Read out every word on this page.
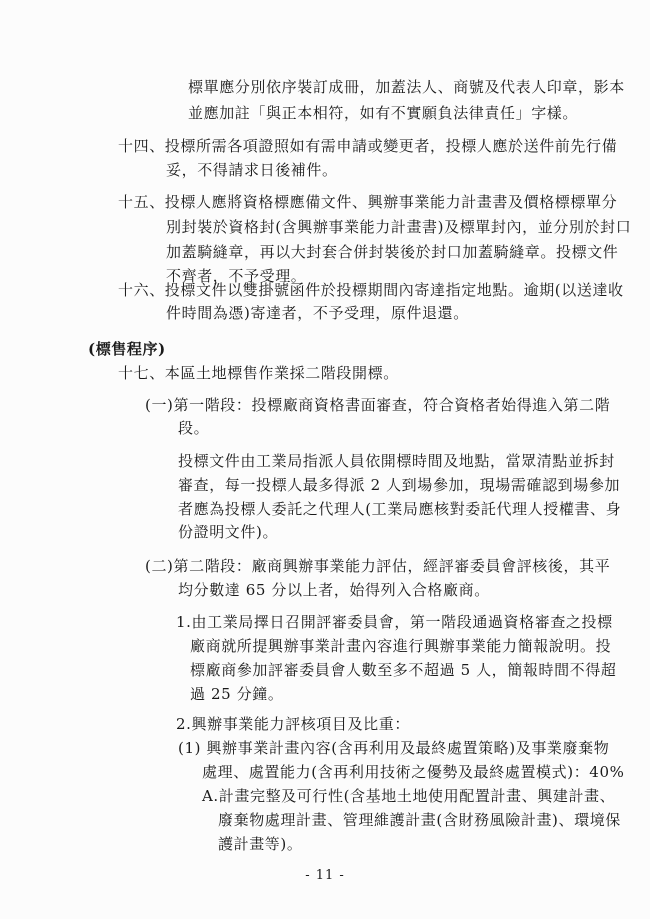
標單應分別依序裝訂成冊，加蓋法人、商號及代表人印章，影本
並應加註「與正本相符，如有不實願負法律責任」字樣。
十四、投標所需各項證照如有需申請或變更者，投標人應於送件前先行備
妥，不得請求日後補件。
十五、投標人應將資格標應備文件、興辦事業能力計畫書及價格標標單分
別封裝於資格封(含興辦事業能力計畫書)及標單封內，並分別於封口
加蓋騎縫章，再以大封套合併封裝後於封口加蓋騎縫章。投標文件
不齊者，不予受理。
十六、投標文件以雙掛號函件於投標期間內寄達指定地點。逾期(以送達收
件時間為憑)寄達者，不予受理，原件退還。
(標售程序)
十七、本區土地標售作業採二階段開標。
(一)第一階段：投標廠商資格書面審查，符合資格者始得進入第二階
段。
投標文件由工業局指派人員依開標時間及地點，當眾清點並拆封
審查，每一投標人最多得派 2 人到場參加，現場需確認到場參加
者應為投標人委託之代理人(工業局應核對委託代理人授權書、身
份證明文件)。
(二)第二階段：廠商興辦事業能力評估，經評審委員會評核後，其平
均分數達 65 分以上者，始得列入合格廠商。
1.由工業局擇日召開評審委員會，第一階段通過資格審查之投標
廠商就所提興辦事業計畫內容進行興辦事業能力簡報說明。投
標廠商參加評審委員會人數至多不超過 5 人，簡報時間不得超
過 25 分鐘。
2.興辦事業能力評核項目及比重：
(1) 興辦事業計畫內容(含再利用及最終處置策略)及事業廢棄物
處理、處置能力(含再利用技術之優勢及最終處置模式)：40%
A.計畫完整及可行性(含基地土地使用配置計畫、興建計畫、
廢棄物處理計畫、管理維護計畫(含財務風險計畫)、環境保
護計畫等)。
- 11 -
